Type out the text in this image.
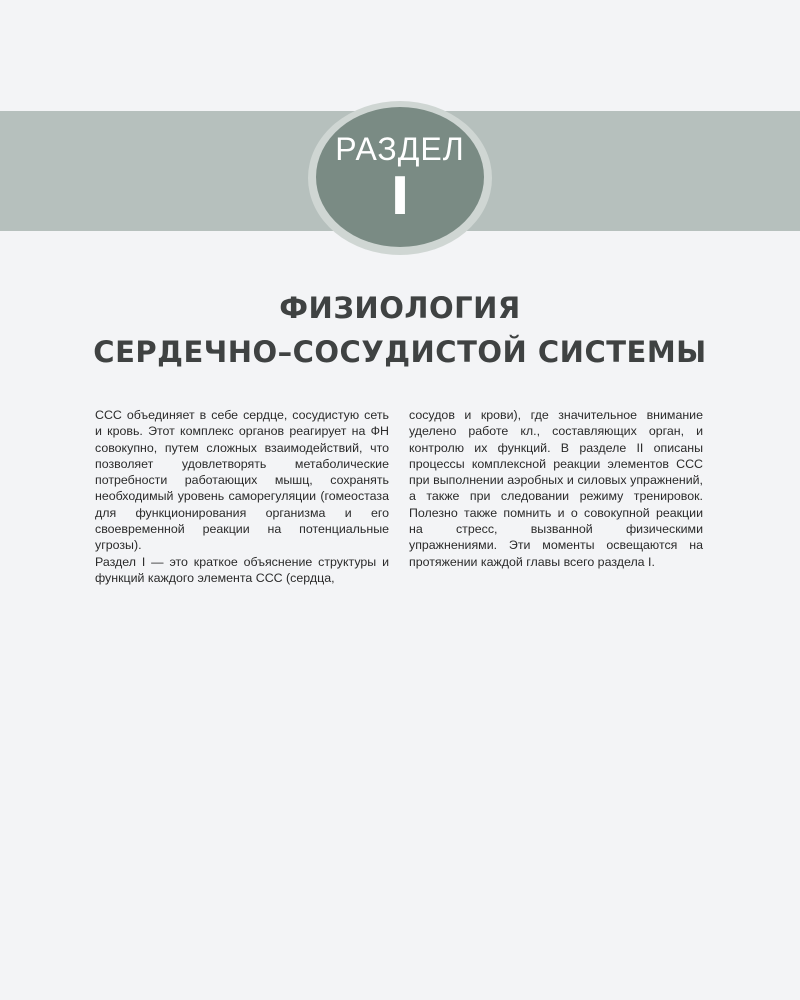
РАЗДЕЛ
I
ФИЗИОЛОГИЯ
СЕРДЕЧНО–СОСУДИСТОЙ СИСТЕМЫ

ССС объединяет в себе сердце, сосудистую сеть и кровь. Этот комплекс органов реагирует на ФН совокупно, путем сложных взаимодействий, что позволяет удовлетворять метаболические потребности работающих мышц, сохранять необходимый уровень саморегуляции (гомеостаза для функционирования организма и его своевременной реакции на потенциальные угрозы).

Раздел I — это краткое объяснение структуры и функций каждого элемента ССС (сердца,

сосудов и крови), где значительное внимание уделено работе кл., составляющих орган, и контролю их функций. В разделе II описаны процессы комплексной реакции элементов ССС при выполнении аэробных и силовых упражнений, а также при следовании режиму тренировок. Полезно также помнить и о совокупной реакции на стресс, вызванной физическими упражнениями. Эти моменты освещаются на протяжении каждой главы всего раздела I.
